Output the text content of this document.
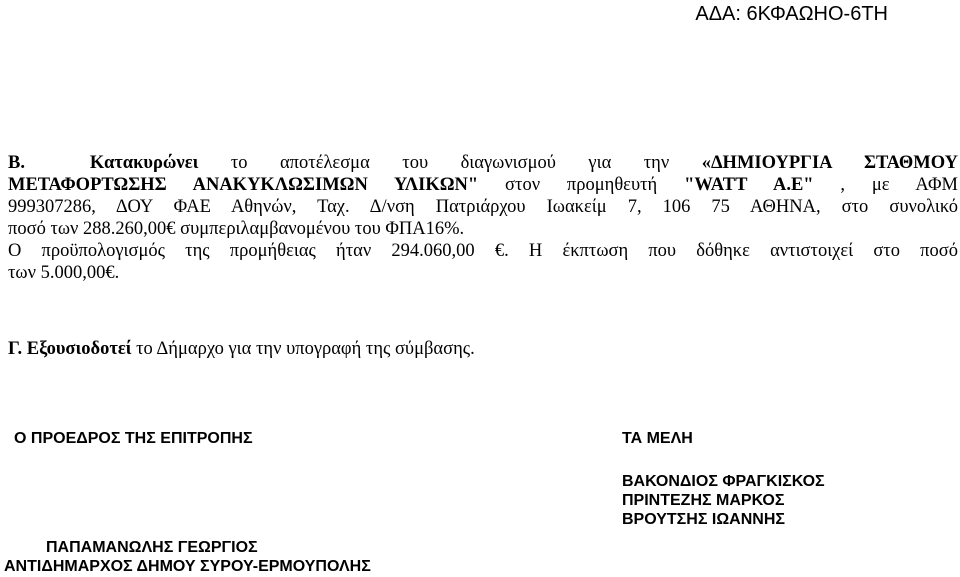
ΑΔΑ: 6ΚΦΑΩΗΟ-6ΤΗ
Β.	Κατακυρώνει το αποτέλεσμα του διαγωνισμού για την «ΔΗΜΙΟΥΡΓΙΑ ΣΤΑΘΜΟΥ
ΜΕΤΑΦΟΡΤΩΣΗΣ ΑΝΑΚΥΚΛΩΣΙΜΩΝ ΥΛΙΚΩΝ" στον προμηθευτή "WATT A.E" , με ΑΦΜ
999307286, ΔΟΥ ΦΑΕ Αθηνών, Ταχ. Δ/νση Πατριάρχου Ιωακείμ 7, 106 75 ΑΘΗΝΑ, στο συνολικό
ποσό των 288.260,00€ συμπεριλαμβανομένου του ΦΠΑ16%.
Ο προϋπολογισμός της προμήθειας ήταν 294.060,00 €. Η έκπτωση που δόθηκε αντιστοιχεί στο ποσό
των 5.000,00€.
Γ. Εξουσιοδοτεί το Δήμαρχο για την υπογραφή της σύμβασης.
Ο ΠΡΟΕΔΡΟΣ ΤΗΣ ΕΠΙΤΡΟΠΗΣ	ΤΑ ΜΕΛΗ
ΒΑΚΟΝΔΙΟΣ ΦΡΑΓΚΙΣΚΟΣ
ΠΡΙΝΤΕΖΗΣ ΜΑΡΚΟΣ
ΒΡΟΥΤΣΗΣ ΙΩΑΝΝΗΣ
ΠΑΠΑΜΑΝΩΛΗΣ ΓΕΩΡΓΙΟΣ
ΑΝΤΙΔΗΜΑΡΧΟΣ ΔΗΜΟΥ ΣΥΡΟΥ-ΕΡΜΟΥΠΟΛΗΣ
